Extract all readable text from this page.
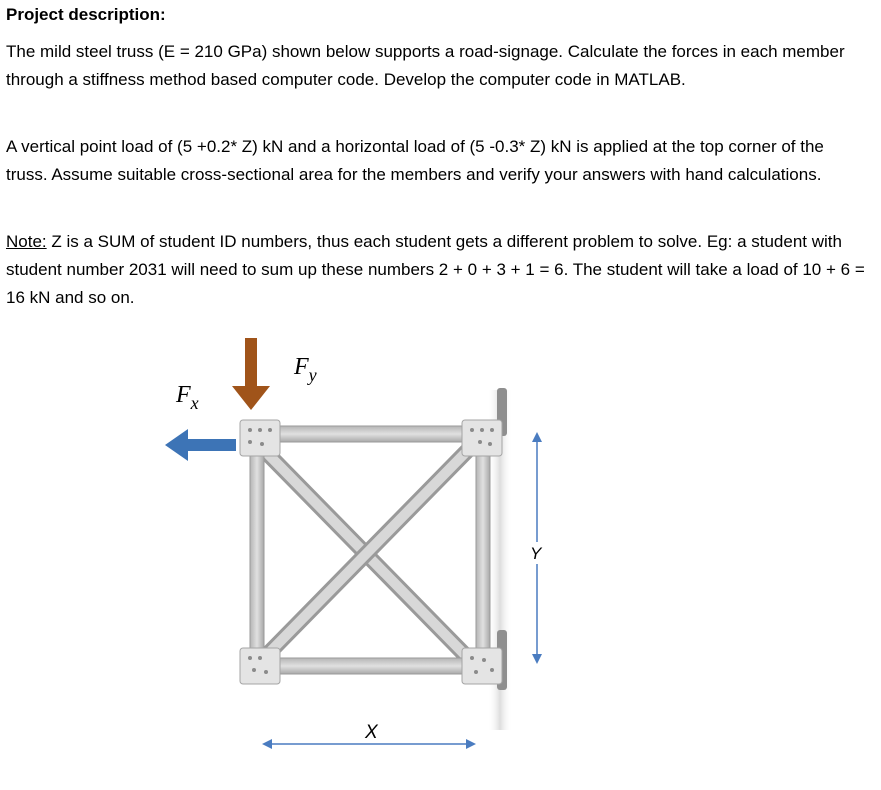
Project description:
The mild steel truss (E = 210 GPa) shown below supports a road-signage. Calculate the forces in each member through a stiffness method based computer code. Develop the computer code in MATLAB.
A vertical point load of (5 +0.2* Z) kN and a horizontal load of (5 -0.3* Z) kN is applied at the top corner of the truss. Assume suitable cross-sectional area for the members and verify your answers with hand calculations.
Note: Z is a SUM of student ID numbers, thus each student gets a different problem to solve. Eg: a student with student number 2031 will need to sum up these numbers 2 + 0 + 3 + 1 = 6. The student will take a load of 10 + 6 = 16 kN and so on.
$F_y$
$F_x$
Y
X
